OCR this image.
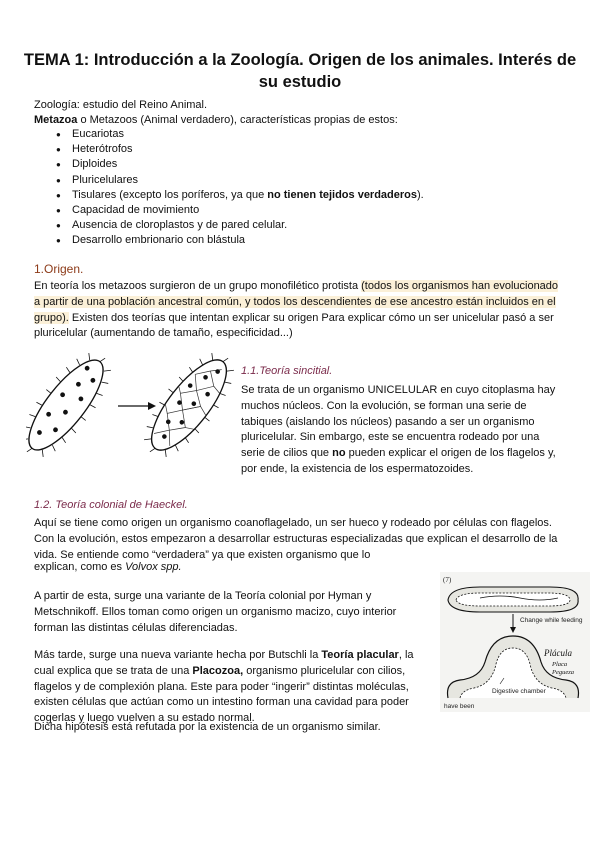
TEMA 1: Introducción a la Zoología. Origen de los animales. Interés de su estudio

Zoología: estudio del Reino Animal.

Metazoa o Metazoos (Animal verdadero), características propias de estos:

● Eucariotas
● Heterótrofos
● Diploides
● Pluricelulares
● Tisulares (excepto los poríferos, ya que no tienen tejidos verdaderos).
● Capacidad de movimiento
● Ausencia de cloroplastos y de pared celular.
● Desarrollo embrionario con blástula

1.Origen.

En teoría los metazoos surgieron de un grupo monofilético protista (todos los organismos han evolucionado a partir de una población ancestral común, y todos los descendientes de ese ancestro están incluidos en el grupo). Existen dos teorías que intentan explicar su origen Para explicar cómo un ser unicelular pasó a ser pluricelular (aumentando de tamaño, especificidad...)

1.1.Teoría sincitial.

Se trata de un organismo UNICELULAR en cuyo citoplasma hay muchos núcleos. Con la evolución, se forman una serie de tabiques (aislando los núcleos) pasando a ser un organismo pluricelular. Sin embargo, este se encuentra rodeado por una serie de cilios que no pueden explicar el origen de los flagelos y, por ende, la existencia de los espermatozoides.

1.2. Teoría colonial de Haeckel.

Aquí se tiene como origen un organismo coanoflagelado, un ser hueco y rodeado por células con flagelos. Con la evolución, estos empezaron a desarrollar estructuras especializadas que explican el desarrollo de la vida. Se entiende como “verdadera” ya que existen organismo que lo

explican, como es Volvox spp.

A partir de esta, surge una variante de la Teoría colonial por Hyman y Metschnikoff. Ellos toman como origen un organismo macizo, cuyo interior forman las distintas células diferenciadas.

Más tarde, surge una nueva variante hecha por Butschli la Teoría placular, la cual explica que se trata de una Placozoa, organismo pluricelular con cilios, flagelos y de complexión plana. Este para poder “ingerir” distintas moléculas, existen células que actúan como un intestino forman una cavidad para poder cogerlas y luego vuelven a su estado normal.

Dicha hipótesis está refutada por la existencia de un organismo similar.

(7)
Change while feeding
Plácula
Placa
Pegueza
Digestive chamber
have been
